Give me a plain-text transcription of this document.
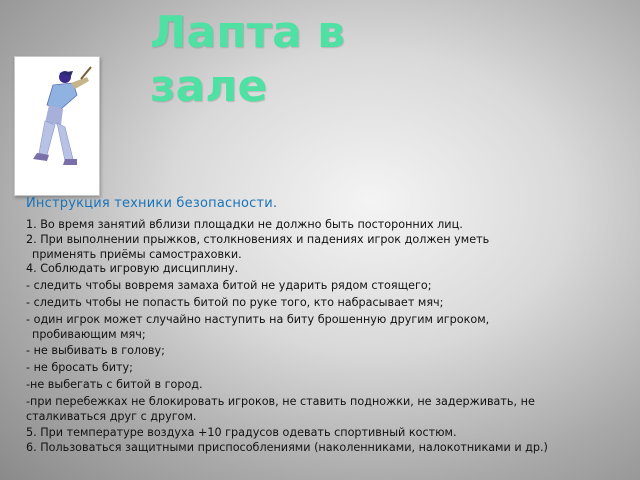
Лапта в
зале
Инструкция техники безопасности.
1. Во время занятий вблизи площадки не должно быть посторонних лиц.
2. При выполнении прыжков, столкновениях и падениях игрок должен уметь
применять приёмы самостраховки.
4. Соблюдать игровую дисциплину.
- следить чтобы вовремя замаха битой не ударить рядом стоящего;
- следить чтобы не попасть битой по руке того, кто набрасывает мяч;
- один игрок может случайно наступить на биту брошенную другим игроком,
пробивающим мяч;
- не выбивать в голову;
- не бросать биту;
-не выбегать с битой в город.
-при перебежках не блокировать игроков, не ставить подножки, не задерживать, не
сталкиваться друг с другом.
5. При температуре воздуха +10 градусов одевать спортивный костюм.
6. Пользоваться защитными приспособлениями (наколенниками, налокотниками и др.)
